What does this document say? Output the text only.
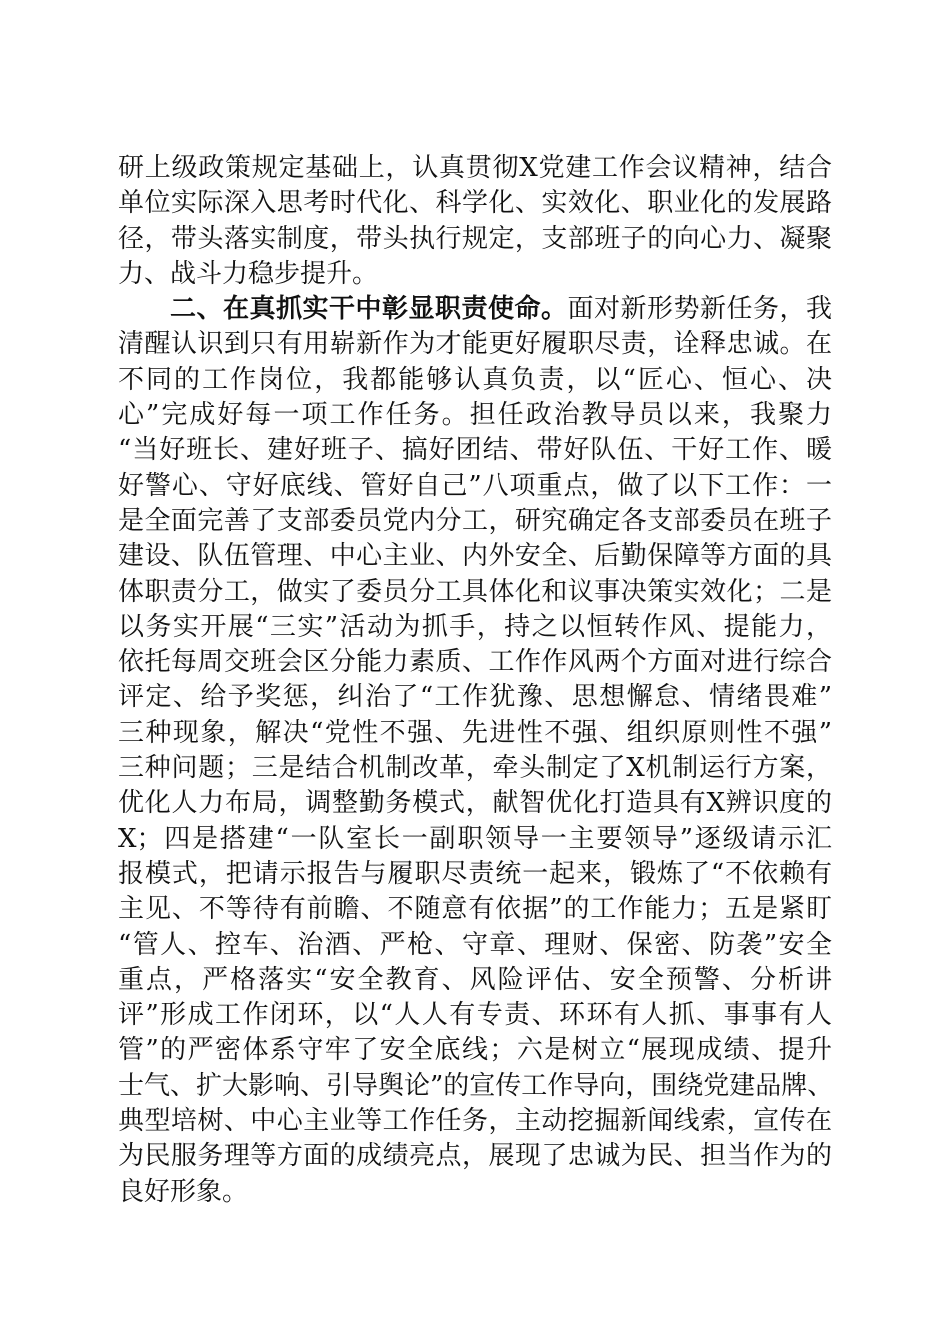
研上级政策规定基础上，认真贯彻X党建工作会议精神，结合
单位实际深入思考时代化、科学化、实效化、职业化的发展路
径，带头落实制度，带头执行规定，支部班子的向心力、凝聚
力、战斗力稳步提升。
二、在真抓实干中彰显职责使命。面对新形势新任务，我
清醒认识到只有用崭新作为才能更好履职尽责，诠释忠诚。在
不同的工作岗位，我都能够认真负责，以“匠心、恒心、决
心”完成好每一项工作任务。担任政治教导员以来，我聚力
“当好班长、建好班子、搞好团结、带好队伍、干好工作、暖
好警心、守好底线、管好自己”八项重点，做了以下工作：一
是全面完善了支部委员党内分工，研究确定各支部委员在班子
建设、队伍管理、中心主业、内外安全、后勤保障等方面的具
体职责分工，做实了委员分工具体化和议事决策实效化；二是
以务实开展“三实”活动为抓手，持之以恒转作风、提能力，
依托每周交班会区分能力素质、工作作风两个方面对进行综合
评定、给予奖惩，纠治了“工作犹豫、思想懈怠、情绪畏难”
三种现象，解决“党性不强、先进性不强、组织原则性不强”
三种问题；三是结合机制改革，牵头制定了X机制运行方案，
优化人力布局，调整勤务模式，献智优化打造具有X辨识度的
X；四是搭建“一队室长一副职领导一主要领导”逐级请示汇
报模式，把请示报告与履职尽责统一起来，锻炼了“不依赖有
主见、不等待有前瞻、不随意有依据”的工作能力；五是紧盯
“管人、控车、治酒、严枪、守章、理财、保密、防袭”安全
重点，严格落实“安全教育、风险评估、安全预警、分析讲
评”形成工作闭环，以“人人有专责、环环有人抓、事事有人
管”的严密体系守牢了安全底线；六是树立“展现成绩、提升
士气、扩大影响、引导舆论”的宣传工作导向，围绕党建品牌、
典型培树、中心主业等工作任务，主动挖掘新闻线索，宣传在
为民服务理等方面的成绩亮点，展现了忠诚为民、担当作为的
良好形象。
